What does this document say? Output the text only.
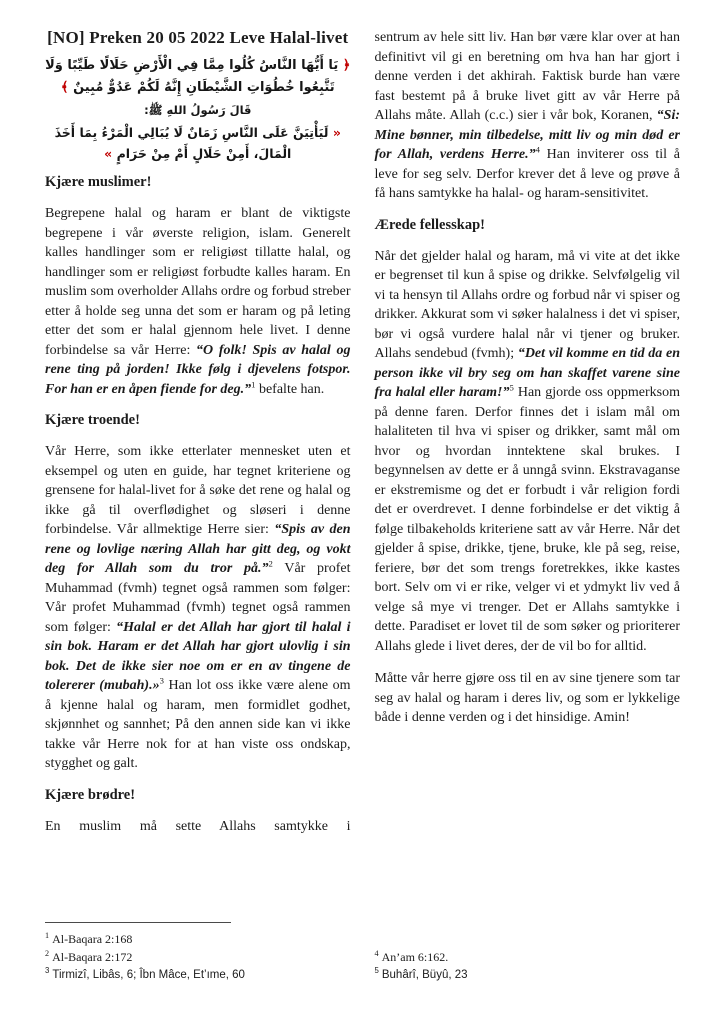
[NO] Preken 20 05 2022 Leve Halal-livet
﴿ يَا أَيُّهَا النَّاسُ كُلُوا مِمَّا فِي الْأَرْضِ حَلَالًا طَيِّبًا وَلَا تَتَّبِعُوا خُطُوَاتِ الشَّيْطَانِ إِنَّهُ لَكُمْ عَدُوٌّ مُبِينٌ ﴾
قَالَ رَسُولُ اللهِ ﷺ:
« لَيَأْتِيَنَّ عَلَى النَّاسِ زَمَانٌ لَا يُبَالِي الْمَرْءُ بِمَا أَخَذَ الْمَالَ، أَمِنْ حَلَالٍ أَمْ مِنْ حَرَامٍ »
Kjære muslimer!

Begrepene halal og haram er blant de viktigste begrepene i vår øverste religion, islam. Generelt kalles handlinger som er religiøst tillatte halal, og handlinger som er religiøst forbudte kalles haram. En muslim som overholder Allahs ordre og forbud streber etter å holde seg unna det som er haram og på leting etter det som er halal gjennom hele livet. I denne forbindelse sa vår Herre: “O folk! Spis av halal og rene ting på jorden! Ikke følg i djevelens fotspor. For han er en åpen fiende for deg.”$^1$ befalte han.

Kjære troende!

Vår Herre, som ikke etterlater mennesket uten et eksempel og uten en guide, har tegnet kriteriene og grensene for halal-livet for å søke det rene og halal og ikke gå til overflødighet og sløseri i denne forbindelse. Vår allmektige Herre sier: “Spis av den rene og lovlige næring Allah har gitt deg, og vokt deg for Allah som du tror på.”$^2$ Vår profet Muhammad (fvmh) tegnet også rammen som følger: Vår profet Muhammad (fvmh) tegnet også rammen som følger: “Halal er det Allah har gjort til halal i sin bok. Haram er det Allah har gjort ulovlig i sin bok. Det de ikke sier noe om er en av tingene de tolererer (mubah).»$^3$ Han lot oss ikke være alene om å kjenne halal og haram, men formidlet godhet, skjønnhet og sannhet; På den annen side kan vi ikke takke vår Herre nok for at han viste oss ondskap, stygghet og galt.

Kjære brødre!

En muslim må sette Allahs samtykke i

$^1$ Al-Baqara 2:168
$^2$ Al-Baqara 2:172
$^3$ Tirmizî, Libâs, 6; Îbn Mâce, Et’ıme, 60

sentrum av hele sitt liv. Han bør være klar over at han definitivt vil gi en beretning om hva han har gjort i denne verden i det akhirah. Faktisk burde han være fast bestemt på å bruke livet gitt av vår Herre på Allahs måte. Allah (c.c.) sier i vår bok, Koranen, “Si: Mine bønner, min tilbedelse, mitt liv og min død er for Allah, verdens Herre.”$^4$ Han inviterer oss til å leve for seg selv. Derfor krever det å leve og prøve å få hans samtykke ha halal- og haram-sensitivitet.

Ærede fellesskap!

Når det gjelder halal og haram, må vi vite at det ikke er begrenset til kun å spise og drikke. Selvfølgelig vil vi ta hensyn til Allahs ordre og forbud når vi spiser og drikker. Akkurat som vi søker halalness i det vi spiser, bør vi også vurdere halal når vi tjener og bruker. Allahs sendebud (fvmh); “Det vil komme en tid da en person ikke vil bry seg om han skaffet varene sine fra halal eller haram!”$^5$ Han gjorde oss oppmerksom på denne faren. Derfor finnes det i islam mål om halaliteten til hva vi spiser og drikker, samt mål om hvor og hvordan inntektene skal brukes. I begynnelsen av dette er å unngå svinn. Ekstravaganse er ekstremisme og det er forbudt i vår religion fordi det er overdrevet. I denne forbindelse er det viktig å følge tilbakeholds kriteriene satt av vår Herre. Når det gjelder å spise, drikke, tjene, bruke, kle på seg, reise, feriere, bør det som trengs foretrekkes, ikke kastes bort. Selv om vi er rike, velger vi et ydmykt liv ved å velge så mye vi trenger. Det er Allahs samtykke i dette. Paradiset er lovet til de som søker og prioriterer Allahs glede i livet deres, der de vil bo for alltid.

Måtte vår herre gjøre oss til en av sine tjenere som tar seg av halal og haram i deres liv, og som er lykkelige både i denne verden og i det hinsidige. Amin!

$^4$ An’am 6:162.
$^5$ Buhârî, Büyû, 23
